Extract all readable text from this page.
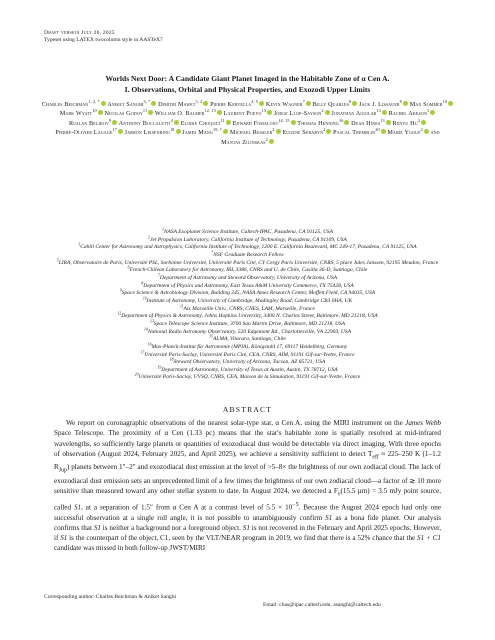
Draft version July 26, 2025
Typeset using LATEX twocolumn style in AASTeX7
Worlds Next Door: A Candidate Giant Planet Imaged in the Habitable Zone of α Cen A.
I. Observations, Orbital and Physical Properties, and Exozodi Upper Limits
Charles Beichman$^{1, 2, *}$ Aniket Sanghi$^{3, *}$ Dimitri Mawet$^{3, 2}$ Pierre Kervella$^{4, 5}$ Kevin Wagner$^7$ Billy Quarles$^8$ Jack J. Lissauer$^9$ Max Sommer$^{10}$ Mark Wyatt$^{10}$ Nicolas Godoy$^{11}$ William O. Balmer$^{12, 13}$ Laurent Pueyo$^{13}$ Jorge Llop-Sayson$^2$ Jonathan Aguilar$^{13}$ Rachel Akeson$^1$ Ruslan Belikov$^9$ Anthony Boccaletti$^4$ Elodie Choquet$^{11}$ Edward Fomalont$^{14, 15}$ Thomas Henning$^{16}$ Dean Hines$^{13}$ Renyu Hu$^2$ Pierre-Olivier Lagage$^{17}$ Jarron Leisenring$^{18}$ James Mang$^{19, \dagger}$ Michael Ressler$^2$ Eugene Serabyn$^2$ Pascal Tremblin$^{20}$ Marie Ygouf$^2$ and Mantas Zilinskas$^2$
$^1$NASA Exoplanet Science Institute, Caltech-IPAC, Pasadena, CA 91125, USA
$^2$Jet Propulsion Laboratory, California Institute of Technology, Pasadena, CA 91109, USA
$^3$Cahill Center for Astronomy and Astrophysics, California Institute of Technology, 1200 E. California Boulevard, MC 249-17, Pasadena, CA 91125, USA
*NSF Graduate Research Fellow
$^5$LIRA, Observatoire de Paris, Université PSL, Sorbonne Université, Université Paris Cité, CY Cergy Paris Université, CNRS, 5 place Jules Janssen, 92195 Meudon, France
$^6$French-Chilean Laboratory for Astronomy, IRL 3386, CNRS and U. de Chile, Casilla 36-D, Santiago, Chile
$^7$Department of Astronomy and Steward Observatory, University of Arizona, USA
$^8$Department of Physics and Astronomy, East Texas A&M University Commerce, TX 75428, USA
$^9$Space Science & Astrobiology Division, Building 245, NASA Ames Research Center, Moffett Field, CA 94035, USA
$^{10}$Institute of Astronomy, University of Cambridge, Madingley Road, Cambridge CB3 0HA, UK
$^{11}$Aix Marseille Univ., CNRS, CNES, LAM, Marseille, France
$^{12}$Department of Physics & Astronomy, Johns Hopkins University, 3400 N. Charles Street, Baltimore, MD 21218, USA
$^{13}$Space Telescope Science Institute, 3700 San Martin Drive, Baltimore, MD 21218, USA
$^{14}$National Radio Astronomy Observatory, 520 Edgemont Rd., Charlottesville, VA 22903, USA
$^{15}$ALMA, Vitacura, Santiago, Chile
$^{16}$Max-Planck-Institut für Astronomie (MPIA), Königstuhl 17, 69117 Heidelberg, Germany
$^{17}$Université Paris-Saclay, Université Paris Cité, CEA, CNRS, AIM, 91191 Gif-sur-Yvette, France
$^{18}$Steward Observatory, University of Arizona, Tucson, AZ 85721, USA
$^{19}$Department of Astronomy, University of Texas at Austin, Austin, TX 78712, USA
$^{20}$Université Paris-Saclay, UVSQ, CNRS, CEA, Maison de la Simulation, 91191 Gif-sur-Yvette, France
ABSTRACT
We report on coronagraphic observations of the nearest solar-type star, α Cen A, using the MIRI instrument on the James Webb Space Telescope. The proximity of α Cen (1.33 pc) means that the star's habitable zone is spatially resolved at mid-infrared wavelengths, so sufficiently large planets or quantities of exozodiacal dust would be detectable via direct imaging. With three epochs of observation (August 2024, February 2025, and April 2025), we achieve a sensitivity sufficient to detect $T_{eff} \approx 225-250$ K (1–1.2 $R_{Jup}$) planets between 1″–2″ and exozodiacal dust emission at the level of >5–8× the brightness of our own zodiacal cloud. The lack of exozodiacal dust emission sets an unprecedented limit of a few times the brightness of our own zodiacal cloud—a factor of ≳ 10 more sensitive than measured toward any other stellar system to date. In August 2024, we detected a $F_\nu(15.5$ µm) = 3.5 mJy point source, called S1, at a separation of 1.5″ from α Cen A at a contrast level of $5.5 \times 10^{-5}$. Because the August 2024 epoch had only one successful observation at a single roll angle, it is not possible to unambiguously confirm S1 as a bona fide planet. Our analysis confirms that S1 is neither a background nor a foreground object. S1 is not recovered in the February and April 2025 epochs. However, if S1 is the counterpart of the object, C1, seen by the VLT/NEAR program in 2019, we find that there is a 52% chance that the S1 + C1 candidate was missed in both follow-up JWST/MIRI
Corresponding author: Charles Beichman & Aniket Sanghi
Email: chas@ipac.caltech.edu, asanghi@caltech.edu
